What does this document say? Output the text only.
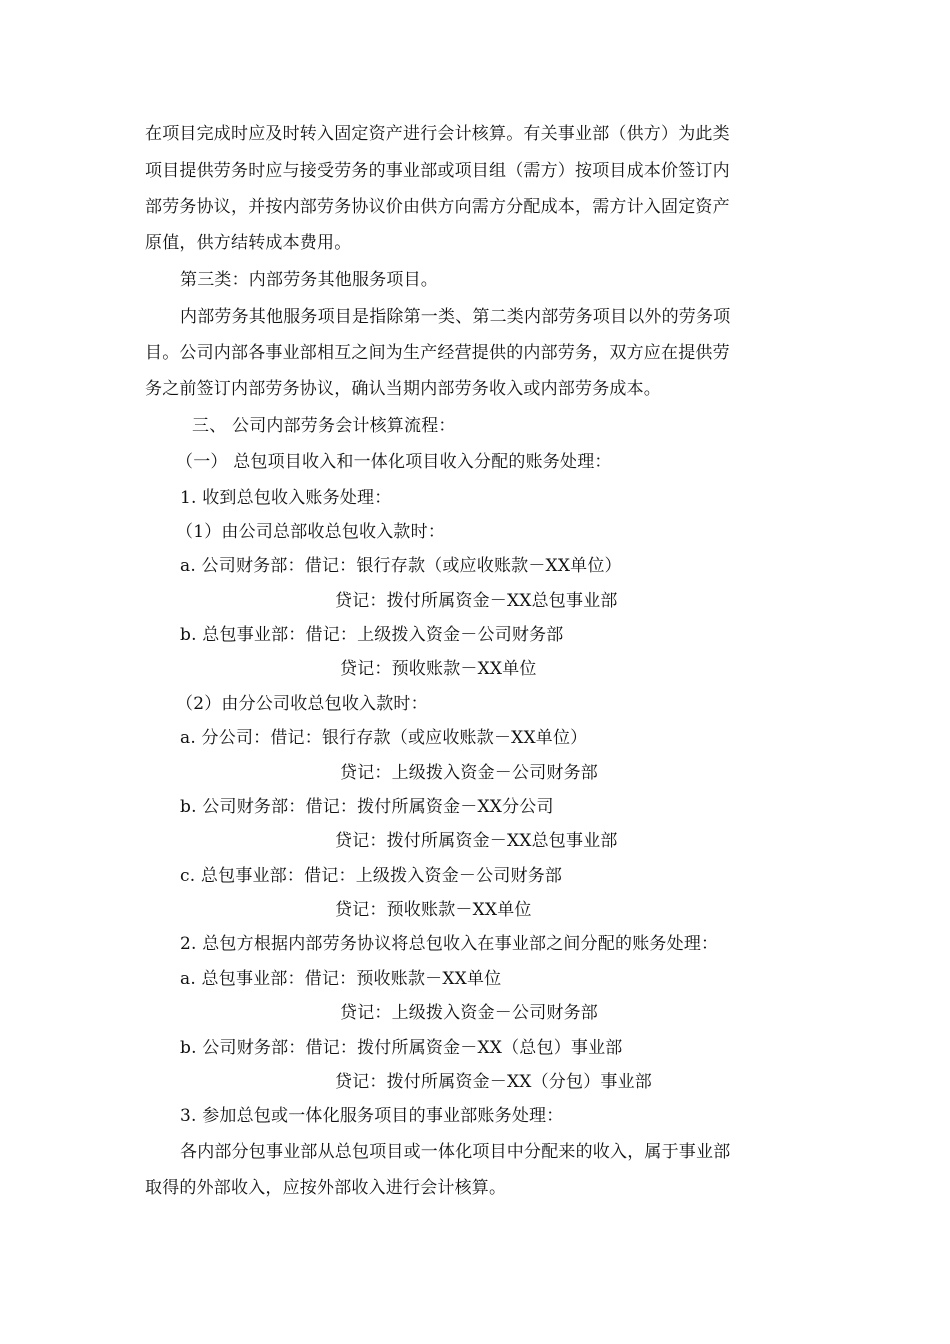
在项目完成时应及时转入固定资产进行会计核算。有关事业部（供方）为此类
项目提供劳务时应与接受劳务的事业部或项目组（需方）按项目成本价签订内
部劳务协议，并按内部劳务协议价由供方向需方分配成本，需方计入固定资产
原值，供方结转成本费用。
第三类：内部劳务其他服务项目。
内部劳务其他服务项目是指除第一类、第二类内部劳务项目以外的劳务项
目。公司内部各事业部相互之间为生产经营提供的内部劳务，双方应在提供劳
务之前签订内部劳务协议，确认当期内部劳务收入或内部劳务成本。
三、 公司内部劳务会计核算流程：
（一） 总包项目收入和一体化项目收入分配的账务处理：
1. 收到总包收入账务处理：
（1）由公司总部收总包收入款时：
a. 公司财务部：借记：银行存款（或应收账款－XX单位）
贷记：拨付所属资金－XX总包事业部
b. 总包事业部：借记：上级拨入资金－公司财务部
贷记：预收账款－XX单位
（2）由分公司收总包收入款时：
a. 分公司：借记：银行存款（或应收账款－XX单位）
贷记：上级拨入资金－公司财务部
b. 公司财务部：借记：拨付所属资金－XX分公司
贷记：拨付所属资金－XX总包事业部
c. 总包事业部：借记：上级拨入资金－公司财务部
贷记：预收账款－XX单位
2. 总包方根据内部劳务协议将总包收入在事业部之间分配的账务处理：
a. 总包事业部：借记：预收账款－XX单位
贷记：上级拨入资金－公司财务部
b. 公司财务部：借记：拨付所属资金－XX（总包）事业部
贷记：拨付所属资金－XX（分包）事业部
3. 参加总包或一体化服务项目的事业部账务处理：
各内部分包事业部从总包项目或一体化项目中分配来的收入，属于事业部
取得的外部收入，应按外部收入进行会计核算。
